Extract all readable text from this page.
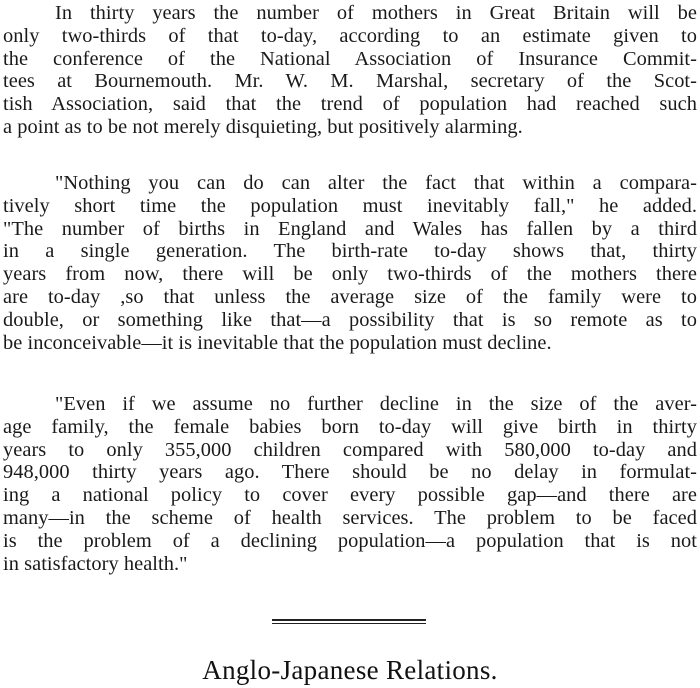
In thirty years the number of mothers in Great Britain will be
only two-thirds of that to-day, according to an estimate given to
the conference of the National Association of Insurance Commit-
tees at Bournemouth. Mr. W. M. Marshal, secretary of the Scot-
tish Association, said that the trend of population had reached such
a point as to be not merely disquieting, but positively alarming.
"Nothing you can do can alter the fact that within a compara-
tively short time the population must inevitably fall," he added.
"The number of births in England and Wales has fallen by a third
in a single generation. The birth-rate to-day shows that, thirty
years from now, there will be only two-thirds of the mothers there
are to-day ,so that unless the average size of the family were to
double, or something like that—a possibility that is so remote as to
be inconceivable—it is inevitable that the population must decline.
"Even if we assume no further decline in the size of the aver-
age family, the female babies born to-day will give birth in thirty
years to only 355,000 children compared with 580,000 to-day and
948,000 thirty years ago. There should be no delay in formulat-
ing a national policy to cover every possible gap—and there are
many—in the scheme of health services. The problem to be faced
is the problem of a declining population—a population that is not
in satisfactory health."
Anglo-Japanese Relations.
